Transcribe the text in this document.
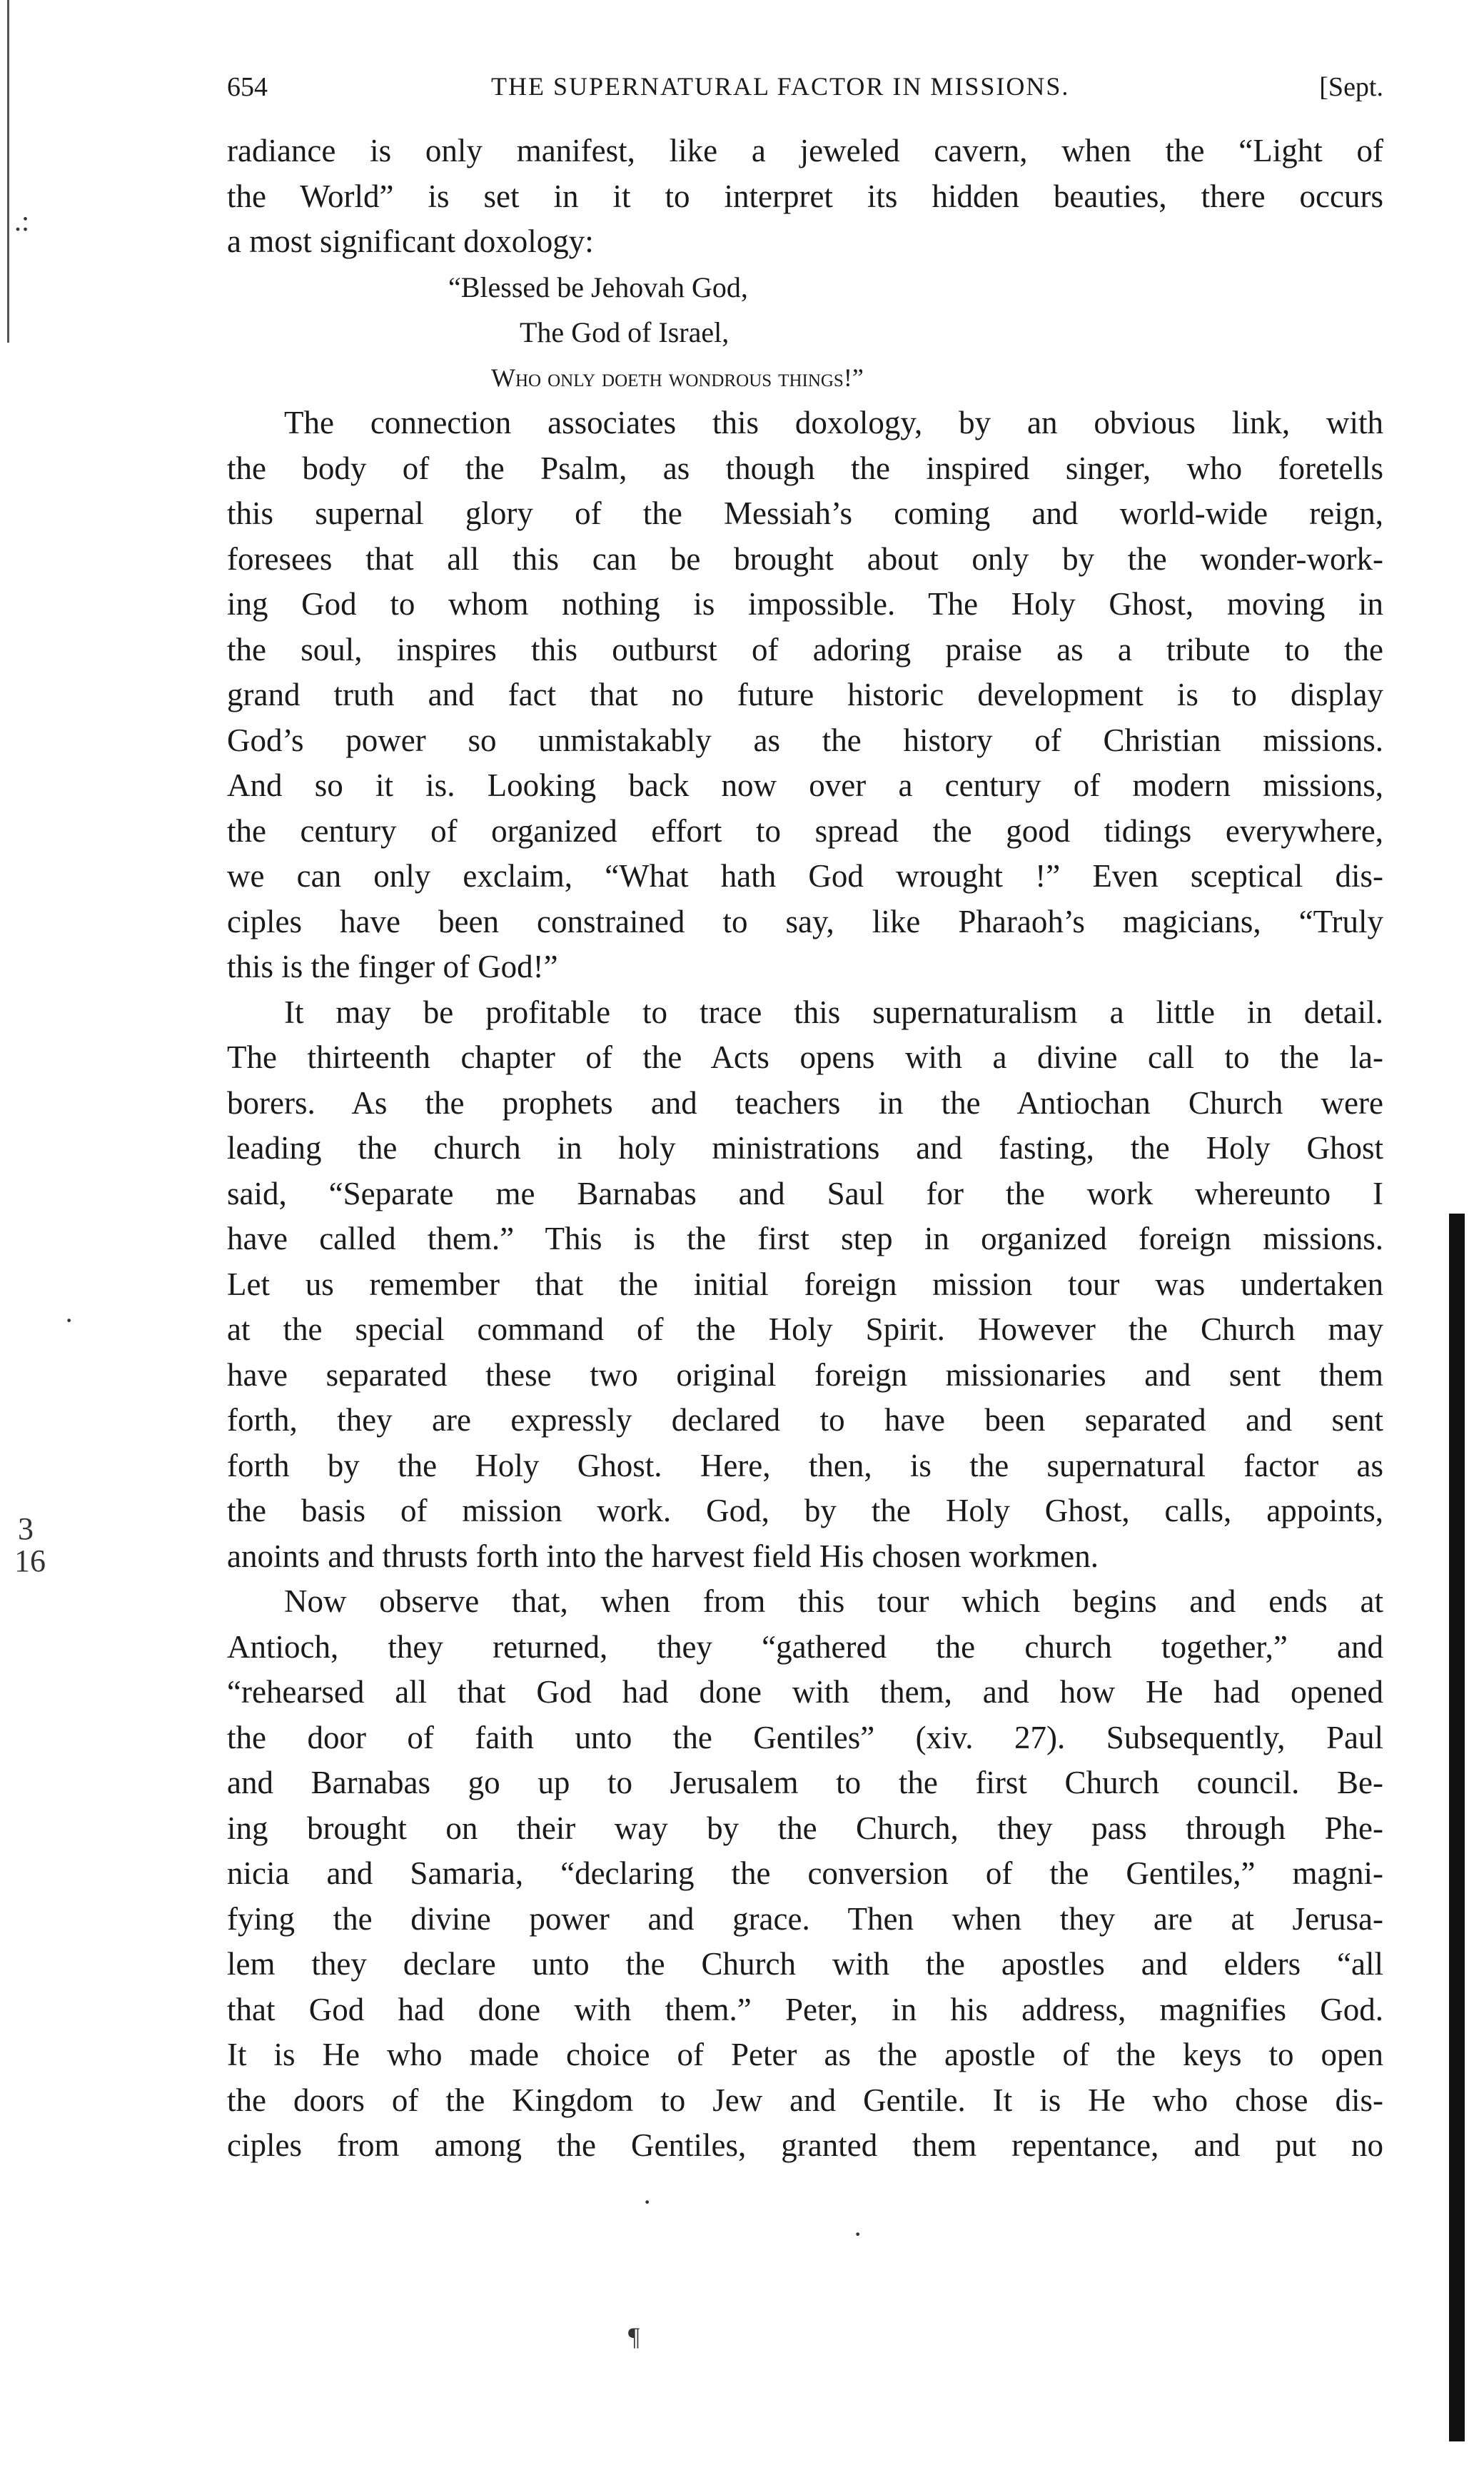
.:
3
16
·
·
·
¶
654	THE SUPERNATURAL FACTOR IN MISSIONS.	[Sept.
radiance is only manifest, like a jeweled cavern, when the “Light of
the World” is set in it to interpret its hidden beauties, there occurs
a most significant doxology:
“Blessed be Jehovah God,
The God of Israel,
Who only doeth wondrous things!”
The connection associates this doxology, by an obvious link, with
the body of the Psalm, as though the inspired singer, who foretells
this supernal glory of the Messiah’s coming and world-wide reign,
foresees that all this can be brought about only by the wonder-work-
ing God to whom nothing is impossible. The Holy Ghost, moving in
the soul, inspires this outburst of adoring praise as a tribute to the
grand truth and fact that no future historic development is to display
God’s power so unmistakably as the history of Christian missions.
And so it is. Looking back now over a century of modern missions,
the century of organized effort to spread the good tidings everywhere,
we can only exclaim, “What hath God wrought !” Even sceptical dis-
ciples have been constrained to say, like Pharaoh’s magicians, “Truly
this is the finger of God!”
It may be profitable to trace this supernaturalism a little in detail.
The thirteenth chapter of the Acts opens with a divine call to the la-
borers. As the prophets and teachers in the Antiochan Church were
leading the church in holy ministrations and fasting, the Holy Ghost
said, “Separate me Barnabas and Saul for the work whereunto I
have called them.” This is the first step in organized foreign missions.
Let us remember that the initial foreign mission tour was undertaken
at the special command of the Holy Spirit. However the Church may
have separated these two original foreign missionaries and sent them
forth, they are expressly declared to have been separated and sent
forth by the Holy Ghost. Here, then, is the supernatural factor as
the basis of mission work. God, by the Holy Ghost, calls, appoints,
anoints and thrusts forth into the harvest field His chosen workmen.
Now observe that, when from this tour which begins and ends at
Antioch, they returned, they “gathered the church together,” and
“rehearsed all that God had done with them, and how He had opened
the door of faith unto the Gentiles” (xiv. 27). Subsequently, Paul
and Barnabas go up to Jerusalem to the first Church council. Be-
ing brought on their way by the Church, they pass through Phe-
nicia and Samaria, “declaring the conversion of the Gentiles,” magni-
fying the divine power and grace. Then when they are at Jerusa-
lem they declare unto the Church with the apostles and elders “all
that God had done with them.” Peter, in his address, magnifies God.
It is He who made choice of Peter as the apostle of the keys to open
the doors of the Kingdom to Jew and Gentile. It is He who chose dis-
ciples from among the Gentiles, granted them repentance, and put no
